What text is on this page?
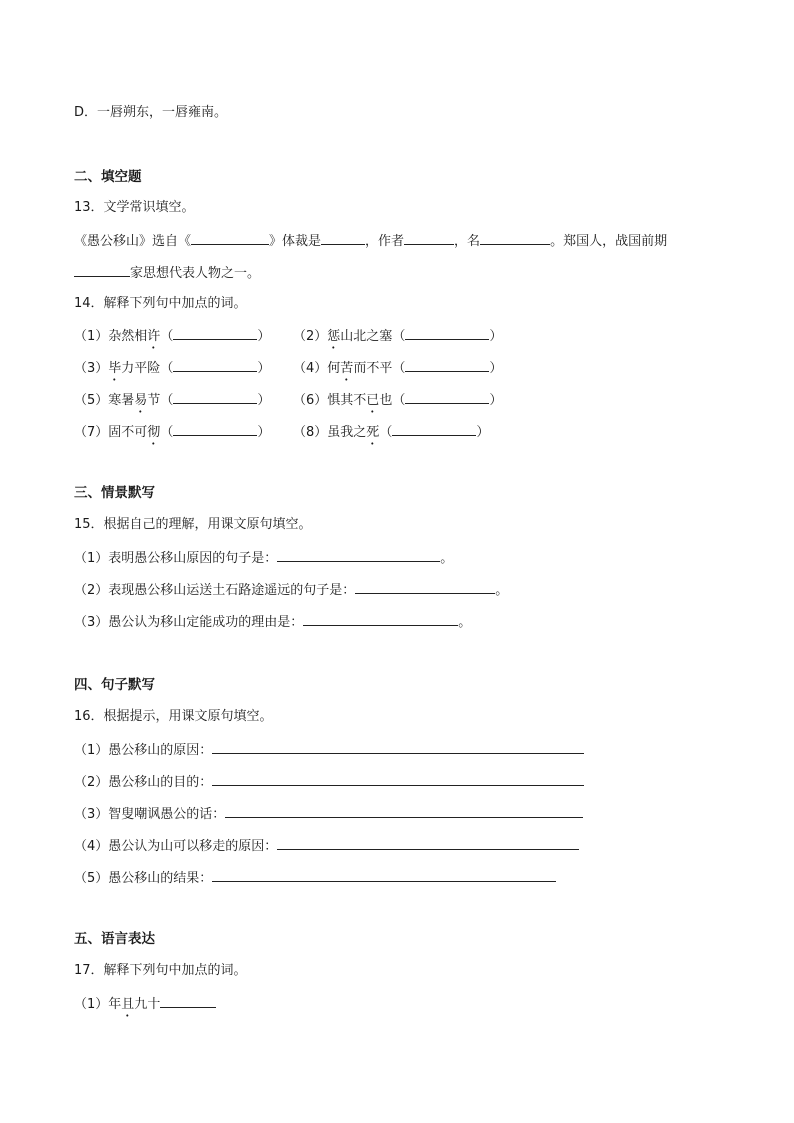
D．一唇朔东，一唇雍南。
二、填空题
13．文学常识填空。
《愚公移山》选自《	》体裁是	，作者	，名	。郑国人，战国前期
家思想代表人物之一。
14．解释下列句中加点的词。
（1）杂然相许（	） （2）惩山北之塞（	）
（3）毕力平险（	） （4）何苦而不平（	）
（5）寒暑易节（	） （6）惧其不已也（	）
（7）固不可彻（	） （8）虽我之死（	）
三、情景默写
15．根据自己的理解，用课文原句填空。
（1）表明愚公移山原因的句子是：	。
（2）表现愚公移山运送土石路途遥远的句子是：	。
（3）愚公认为移山定能成功的理由是：	。
四、句子默写
16．根据提示，用课文原句填空。
（1）愚公移山的原因：
（2）愚公移山的目的：
（3）智叟嘲讽愚公的话：
（4）愚公认为山可以移走的原因：
（5）愚公移山的结果：
五、语言表达
17．解释下列句中加点的词。
（1）年且九十
